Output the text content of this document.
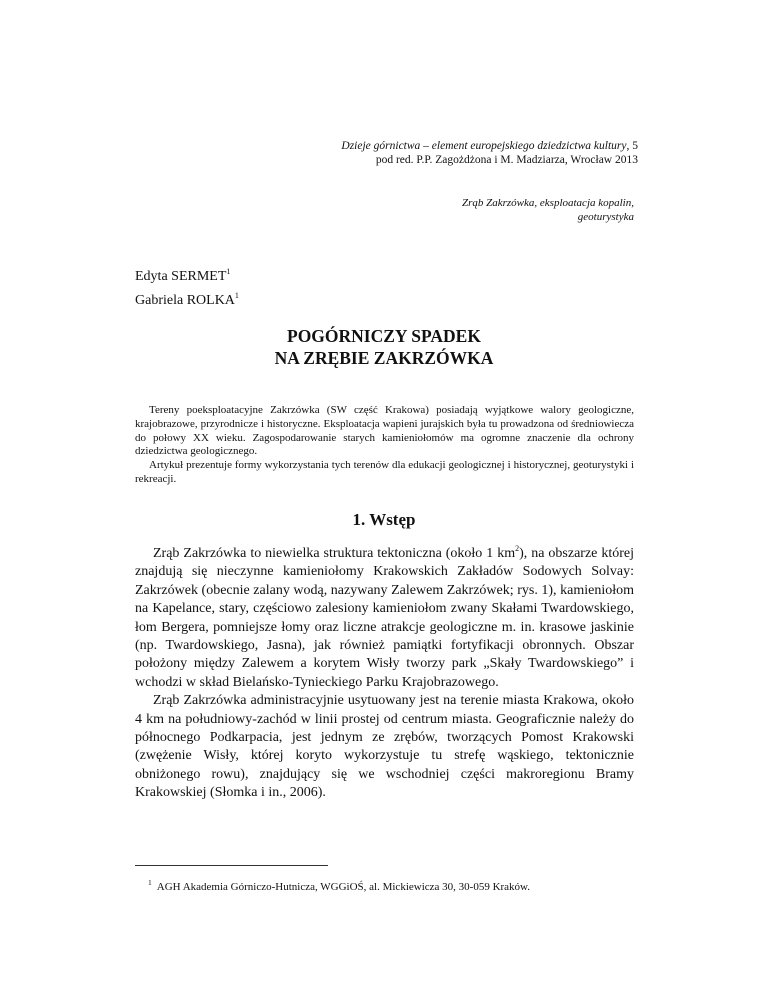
Dzieje górnictwa – element europejskiego dziedzictwa kultury, 5
pod red. P.P. Zagożdżona i M. Madziarza, Wrocław 2013
Zrąb Zakrzówka, eksploatacja kopalin,
geoturystyka
Edyta SERMET$^1$
Gabriela ROLKA$^1$
POGÓRNICZY SPADEK
NA ZRĘBIE ZAKRZÓWKA

Tereny poeksploatacyjne Zakrzówka (SW część Krakowa) posiadają wyjątkowe walory geologiczne, krajobrazowe, przyrodnicze i historyczne. Eksploatacja wapieni jurajskich była tu prowadzona od średniowiecza do połowy XX wieku. Zagospodarowanie starych kamieniołomów ma ogromne znaczenie dla ochrony dziedzictwa geologicznego.

Artykuł prezentuje formy wykorzystania tych terenów dla edukacji geologicznej i historycznej, geoturystyki i rekreacji.

1. Wstęp

Zrąb Zakrzówka to niewielka struktura tektoniczna (około 1 $km^2$), na obszarze której znajdują się nieczynne kamieniołomy Krakowskich Zakładów Sodowych Solvay: Zakrzówek (obecnie zalany wodą, nazywany Zalewem Zakrzówek; rys. 1), kamieniołom na Kapelance, stary, częściowo zalesiony kamieniołom zwany Skałami Twardowskiego, łom Bergera, pomniejsze łomy oraz liczne atrakcje geologiczne m. in. krasowe jaskinie (np. Twardowskiego, Jasna), jak również pamiątki fortyfikacji obronnych. Obszar położony między Zalewem a korytem Wisły tworzy park „Skały Twardowskiego” i wchodzi w skład Bielańsko-Tynieckiego Parku Krajobrazowego.

Zrąb Zakrzówka administracyjnie usytuowany jest na terenie miasta Krakowa, około 4 km na południowy-zachód w linii prostej od centrum miasta. Geograficznie należy do północnego Podkarpacia, jest jednym ze zrębów, tworzących Pomost Krakowski (zwężenie Wisły, której koryto wykorzystuje tu strefę wąskiego, tektonicznie obniżonego rowu), znajdujący się we wschodniej części makroregionu Bramy Krakowskiej (Słomka i in., 2006).

$^1$ AGH Akademia Górniczo-Hutnicza, WGGiOŚ, al. Mickiewicza 30, 30-059 Kraków.
